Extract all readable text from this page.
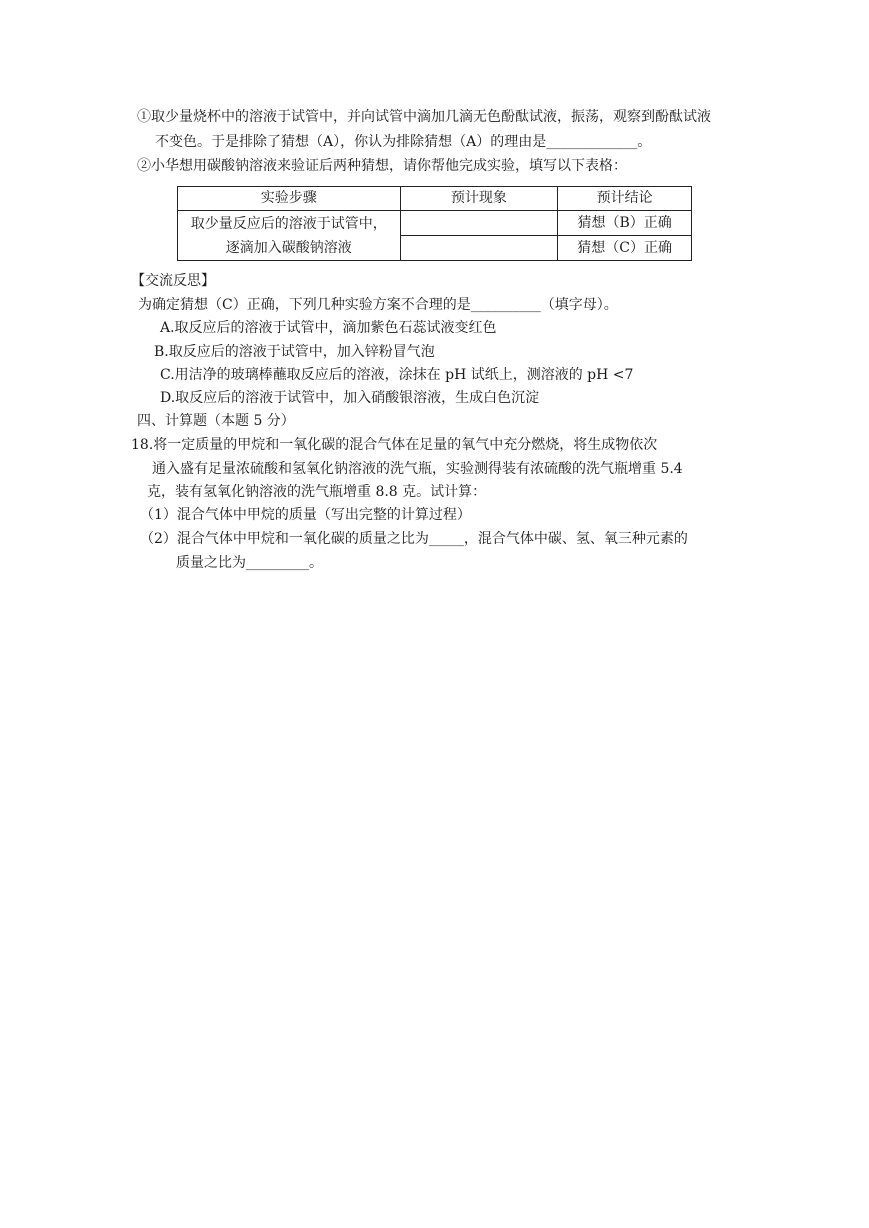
①取少量烧杯中的溶液于试管中，并向试管中滴加几滴无色酚酞试液，振荡，观察到酚酞试液
不变色。于是排除了猜想（A），你认为排除猜想（A）的理由是_____________。
②小华想用碳酸钠溶液来验证后两种猜想，请你帮他完成实验，填写以下表格：
实验步骤	预计现象	预计结论

取少量反应后的溶液于试管中，
逐滴加入碳酸钠溶液		猜想（B）正确
		猜想（C）正确
【交流反思】
为确定猜想（C）正确，下列几种实验方案不合理的是__________（填字母）。
A.取反应后的溶液于试管中，滴加紫色石蕊试液变红色
B.取反应后的溶液于试管中，加入锌粉冒气泡
C.用洁净的玻璃棒蘸取反应后的溶液，涂抹在 pH 试纸上，测溶液的 pH <7
D.取反应后的溶液于试管中，加入硝酸银溶液，生成白色沉淀
四、计算题（本题 5 分）
18.将一定质量的甲烷和一氧化碳的混合气体在足量的氧气中充分燃烧，将生成物依次
通入盛有足量浓硫酸和氢氧化钠溶液的洗气瓶，实验测得装有浓硫酸的洗气瓶增重 5.4
克，装有氢氧化钠溶液的洗气瓶增重 8.8 克。试计算：
（1）混合气体中甲烷的质量（写出完整的计算过程）
（2）混合气体中甲烷和一氧化碳的质量之比为_____，混合气体中碳、氢、氧三种元素的
质量之比为_________。
